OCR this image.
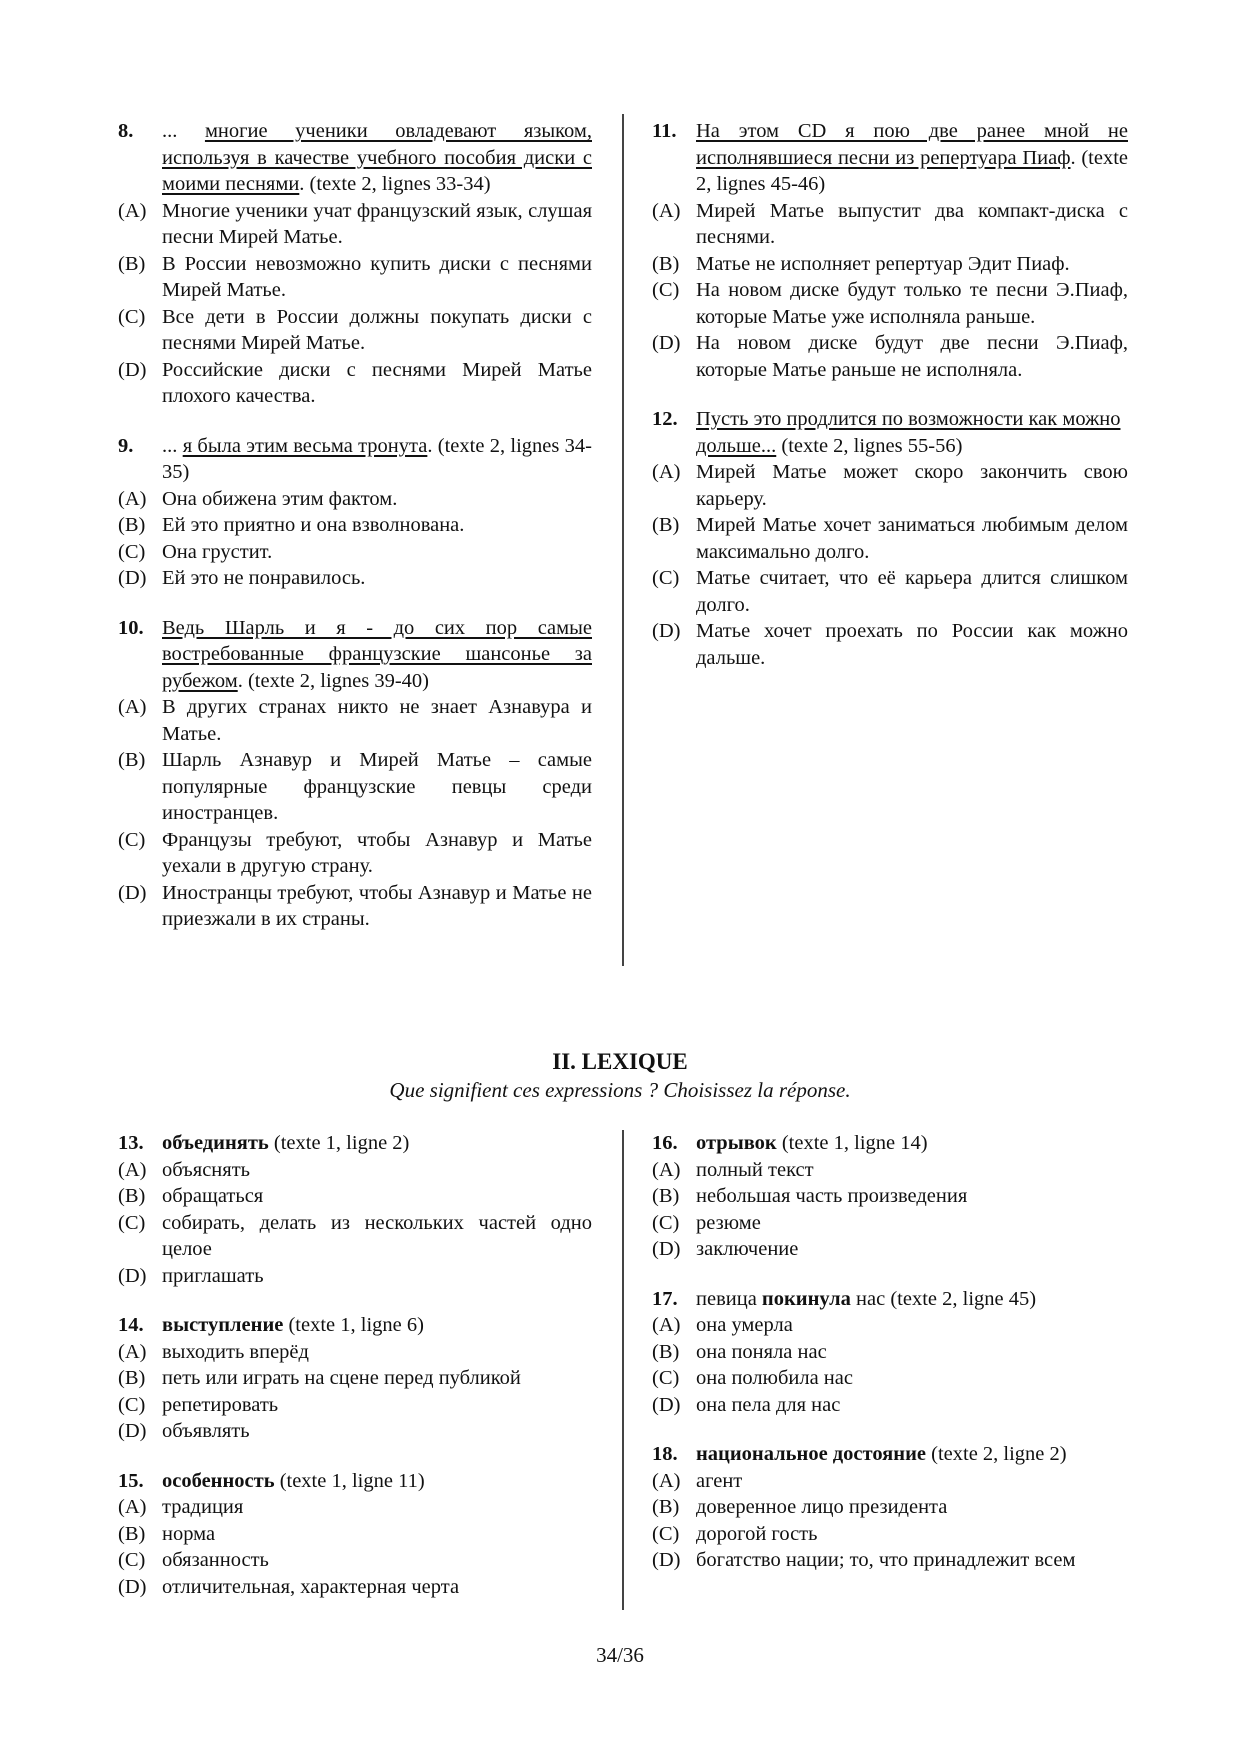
8.	... многие ученики овладевают языком, используя в качестве учебного пособия диски с моими песнями. (texte 2, lignes 33-34)
(A) Многие ученики учат французский язык, слушая песни Мирей Матье.
(B) В России невозможно купить диски с песнями Мирей Матье.
(C) Все дети в России должны покупать диски с песнями Мирей Матье.
(D) Российские диски с песнями Мирей Матье плохого качества.
9.	... я была этим весьма тронута. (texte 2, lignes 34-35)
(A) Она обижена этим фактом.
(B) Ей это приятно и она взволнована.
(C) Она грустит.
(D) Ей это не понравилось.
10. Ведь Шарль и я - до сих пор самые востребованные французские шансонье за рубежом. (texte 2, lignes 39-40)
(A) В других странах никто не знает Азнавура и Матье.
(B) Шарль Азнавур и Мирей Матье – самые популярные французские певцы среди иностранцев.
(C) Французы требуют, чтобы Азнавур и Матье уехали в другую страну.
(D) Иностранцы требуют, чтобы Азнавур и Матье не приезжали в их страны.
11. На этом CD я пою две ранее мной не исполнявшиеся песни из репертуара Пиаф. (texte 2, lignes 45-46)
(A) Мирей Матье выпустит два компакт-диска с песнями.
(B) Матье не исполняет репертуар Эдит Пиаф.
(C) На новом диске будут только те песни Э.Пиаф, которые Матье уже исполняла раньше.
(D) На новом диске будут две песни Э.Пиаф, которые Матье раньше не исполняла.
12. Пусть это продлится по возможности как можно дольше... (texte 2, lignes 55-56)
(A) Мирей Матье может скоро закончить свою карьеру.
(B) Мирей Матье хочет заниматься любимым делом максимально долго.
(C) Матье считает, что её карьера длится слишком долго.
(D) Матье хочет проехать по России как можно дальше.
II. LEXIQUE
Que signifient ces expressions ? Choisissez la réponse.
13. объединять (texte 1, ligne 2)
(A) объяснять
(B) обращаться
(C) собирать, делать из нескольких частей одно целое
(D) приглашать
14. выступление (texte 1, ligne 6)
(A) выходить вперёд
(B) петь или играть на сцене перед публикой
(C) репетировать
(D) объявлять
15. особенность (texte 1, ligne 11)
(A) традиция
(B) норма
(C) обязанность
(D) отличительная, характерная черта
16. отрывок (texte 1, ligne 14)
(A) полный текст
(B) небольшая часть произведения
(C) резюме
(D) заключение
17. певица покинула нас (texte 2, ligne 45)
(A) она умерла
(B) она поняла нас
(C) она полюбила нас
(D) она пела для нас
18. национальное достояние (texte 2, ligne 2)
(A) агент
(B) доверенное лицо президента
(C) дорогой гость
(D) богатство нации; то, что принадлежит всем
34/36
